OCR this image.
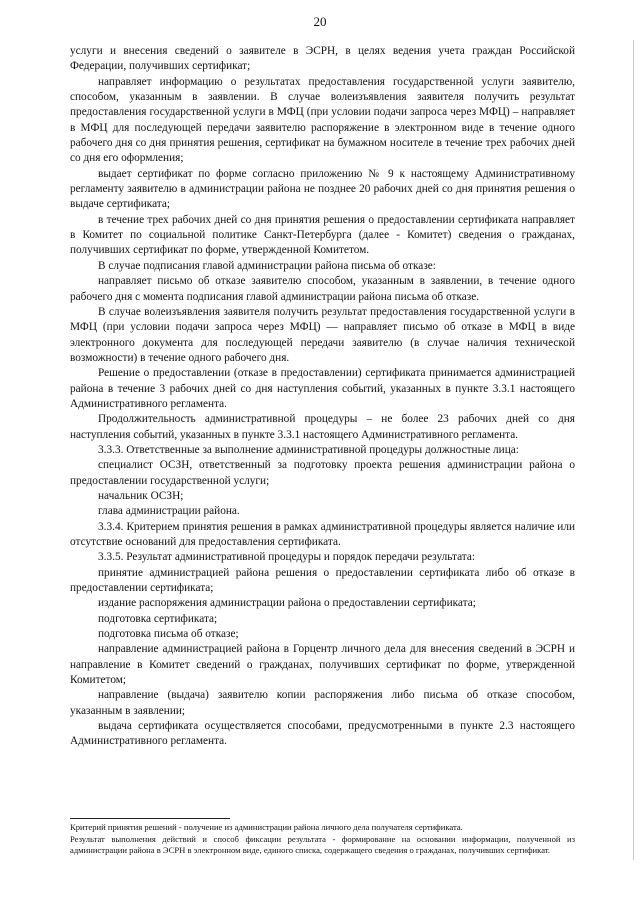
20

услуги и внесения сведений о заявителе в ЭСРН, в целях ведения учета граждан Российской Федерации, получивших сертификат;

направляет информацию о результатах предоставления государственной услуги заявителю, способом, указанным в заявлении. В случае волеизъявления заявителя получить результат предоставления государственной услуги в МФЦ (при условии подачи запроса через МФЦ) – направляет в МФЦ для последующей передачи заявителю распоряжение в электронном виде в течение одного рабочего дня со дня принятия решения, сертификат на бумажном носителе в течение трех рабочих дней со дня его оформления;

выдает сертификат по форме согласно приложению № 9 к настоящему Административному регламенту заявителю в администрации района не позднее 20 рабочих дней со дня принятия решения о выдаче сертификата;

в течение трех рабочих дней со дня принятия решения о предоставлении сертификата направляет в Комитет по социальной политике Санкт-Петербурга (далее - Комитет) сведения о гражданах, получивших сертификат по форме, утвержденной Комитетом.

В случае подписания главой администрации района письма об отказе:

направляет письмо об отказе заявителю способом, указанным в заявлении, в течение одного рабочего дня с момента подписания главой администрации района письма об отказе.

В случае волеизъявления заявителя получить результат предоставления государственной услуги в МФЦ (при условии подачи запроса через МФЦ) — направляет письмо об отказе в МФЦ в виде электронного документа для последующей передачи заявителю (в случае наличия технической возможности) в течение одного рабочего дня.

Решение о предоставлении (отказе в предоставлении) сертификата принимается администрацией района в течение 3 рабочих дней со дня наступления событий, указанных в пункте 3.3.1 настоящего Административного регламента.

Продолжительность административной процедуры – не более 23 рабочих дней со дня наступления событий, указанных в пункте 3.3.1 настоящего Административного регламента.

3.3.3. Ответственные за выполнение административной процедуры должностные лица:

специалист ОСЗН, ответственный за подготовку проекта решения администрации района о предоставлении государственной услуги;

начальник ОСЗН;

глава администрации района.

3.3.4. Критерием принятия решения в рамках административной процедуры является наличие или отсутствие оснований для предоставления сертификата.

3.3.5. Результат административной процедуры и порядок передачи результата:

принятие администрацией района решения о предоставлении сертификата либо об отказе в предоставлении сертификата;

издание распоряжения администрации района о предоставлении сертификата;

подготовка сертификата;

подготовка письма об отказе;

направление администрацией района в Горцентр личного дела для внесения сведений в ЭСРН и направление в Комитет сведений о гражданах, получивших сертификат по форме, утвержденной Комитетом;

направление (выдача) заявителю копии распоряжения либо письма об отказе способом, указанным в заявлении;

выдача сертификата осуществляется способами, предусмотренными в пункте 2.3 настоящего Административного регламента.

Критерий принятия решений - получение из администрации района личного дела получателя сертификата.

Результат выполнения действий и способ фиксации результата - формирование на основании информации, полученной из администрации района в ЭСРН в электронном виде, единого списка, содержащего сведения о гражданах, получивших сертификат.
